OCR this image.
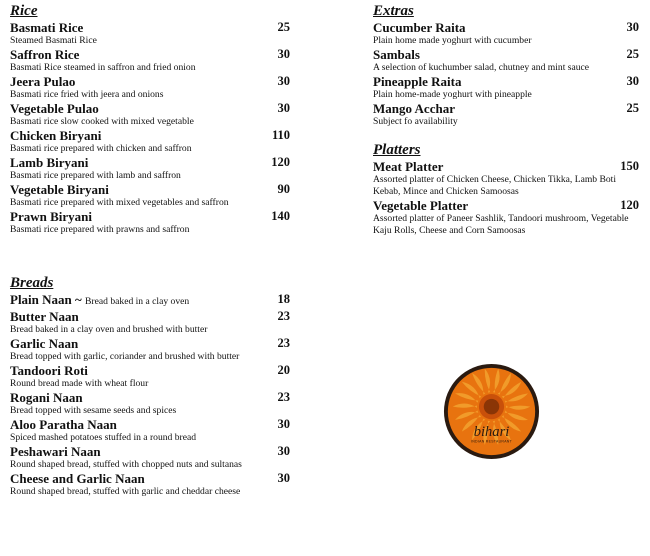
Rice
Basmati Rice	25
Steamed Basmati Rice
Saffron Rice	30
Basmati Rice steamed in saffron and fried onion
Jeera Pulao	30
Basmati rice fried with jeera and onions
Vegetable Pulao	30
Basmati rice slow cooked with mixed vegetable
Chicken Biryani	110
Basmati rice prepared with chicken and saffron
Lamb Biryani	120
Basmati rice prepared with lamb and saffron
Vegetable Biryani	90
Basmati rice prepared with mixed vegetables and saffron
Prawn Biryani	140
Basmati rice prepared with prawns and saffron
Breads
Plain Naan ~ Bread baked in a clay oven	18
Butter Naan	23
Bread baked in a clay oven and brushed with butter
Garlic Naan	23
Bread topped with garlic, coriander and brushed with butter
Tandoori Roti	20
Round bread made with wheat flour
Rogani Naan	23
Bread topped with sesame seeds and spices
Aloo Paratha Naan	30
Spiced mashed potatoes stuffed in a round bread
Peshawari Naan	30
Round shaped bread, stuffed with chopped nuts and sultanas
Cheese and Garlic Naan	30
Round shaped bread, stuffed with garlic and cheddar cheese
Extras
Cucumber Raita	30
Plain home made yoghurt with cucumber
Sambals	25
A selection of kuchumber salad, chutney and mint sauce
Pineapple Raita	30
Plain home-made yoghurt with pineapple
Mango Acchar	25
Subject fo availability
Platters
Meat Platter	150
Assorted platter of Chicken Cheese, Chicken Tikka, Lamb Boti Kebab, Mince and Chicken Samoosas
Vegetable Platter	120
Assorted platter of Paneer Sashlik, Tandoori mushroom, Vegetable Kaju Rolls, Cheese and Corn Samoosas
bihari
INDIAN RESTAURANT
